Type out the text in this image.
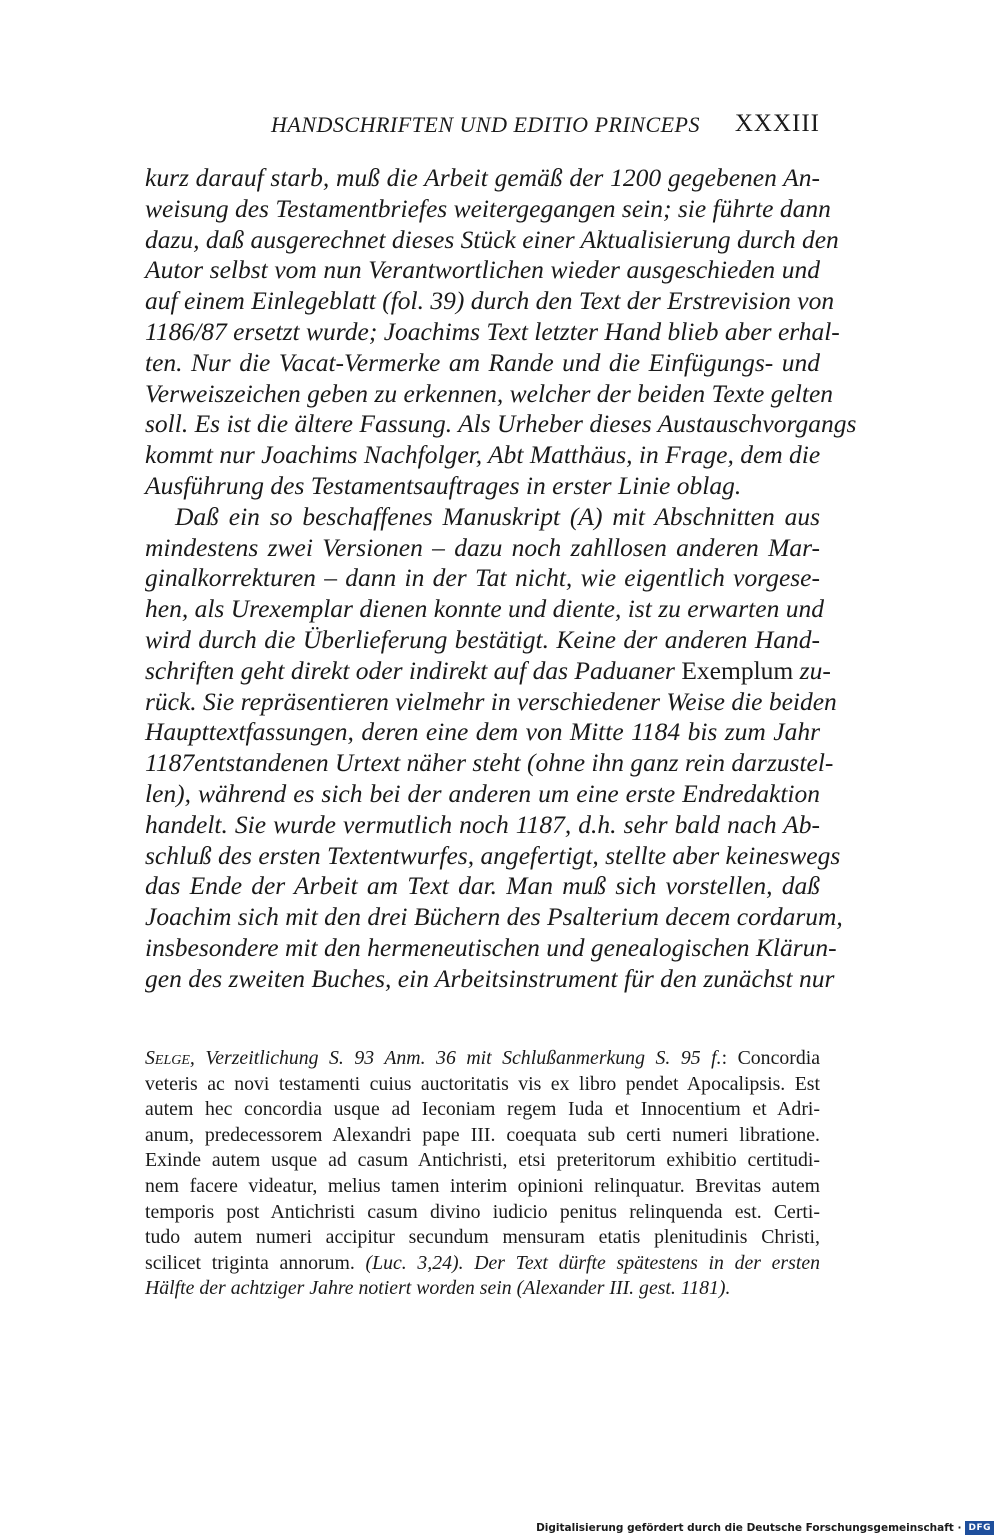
HANDSCHRIFTEN UND EDITIO PRINCEPS XXXIII
kurz darauf starb, muß die Arbeit gemäß der 1200 gegebenen An-
weisung des Testamentbriefes weitergegangen sein; sie führte dann
dazu, daß ausgerechnet dieses Stück einer Aktualisierung durch den
Autor selbst vom nun Verantwortlichen wieder ausgeschieden und
auf einem Einlegeblatt (fol. 39) durch den Text der Erstrevision von
1186/87 ersetzt wurde; Joachims Text letzter Hand blieb aber erhal-
ten. Nur die Vacat-Vermerke am Rande und die Einfügungs- und
Verweiszeichen geben zu erkennen, welcher der beiden Texte gelten
soll. Es ist die ältere Fassung. Als Urheber dieses Austauschvorgangs
kommt nur Joachims Nachfolger, Abt Matthäus, in Frage, dem die
Ausführung des Testamentsauftrages in erster Linie oblag.
Daß ein so beschaffenes Manuskript (A) mit Abschnitten aus
mindestens zwei Versionen – dazu noch zahllosen anderen Mar-
ginalkorrekturen – dann in der Tat nicht, wie eigentlich vorgese-
hen, als Urexemplar dienen konnte und diente, ist zu erwarten und
wird durch die Überlieferung bestätigt. Keine der anderen Hand-
schriften geht direkt oder indirekt auf das Paduaner Exemplum zu-
rück. Sie repräsentieren vielmehr in verschiedener Weise die beiden
Haupttextfassungen, deren eine dem von Mitte 1184 bis zum Jahr
1187entstandenen Urtext näher steht (ohne ihn ganz rein darzustel-
len), während es sich bei der anderen um eine erste Endredaktion
handelt. Sie wurde vermutlich noch 1187, d.h. sehr bald nach Ab-
schluß des ersten Textentwurfes, angefertigt, stellte aber keineswegs
das Ende der Arbeit am Text dar. Man muß sich vorstellen, daß
Joachim sich mit den drei Büchern des Psalterium decem cordarum,
insbesondere mit den hermeneutischen und genealogischen Klärun-
gen des zweiten Buches, ein Arbeitsinstrument für den zunächst nur
Selge, Verzeitlichung S. 93 Anm. 36 mit Schlußanmerkung S. 95 f.: Concordia
veteris ac novi testamenti cuius auctoritatis vis ex libro pendet Apocalipsis. Est
autem hec concordia usque ad Ieconiam regem Iuda et Innocentium et Adri-
anum, predecessorem Alexandri pape III. coequata sub certi numeri libratione.
Exinde autem usque ad casum Antichristi, etsi preteritorum exhibitio certitudi-
nem facere videatur, melius tamen interim opinioni relinquatur. Brevitas autem
temporis post Antichristi casum divino iudicio penitus relinquenda est. Certi-
tudo autem numeri accipitur secundum mensuram etatis plenitudinis Christi,
scilicet triginta annorum. (Luc. 3,24). Der Text dürfte spätestens in der ersten
Hälfte der achtziger Jahre notiert worden sein (Alexander III. gest. 1181).
Digitalisierung gefördert durch die Deutsche Forschungsgemeinschaft · DFG
